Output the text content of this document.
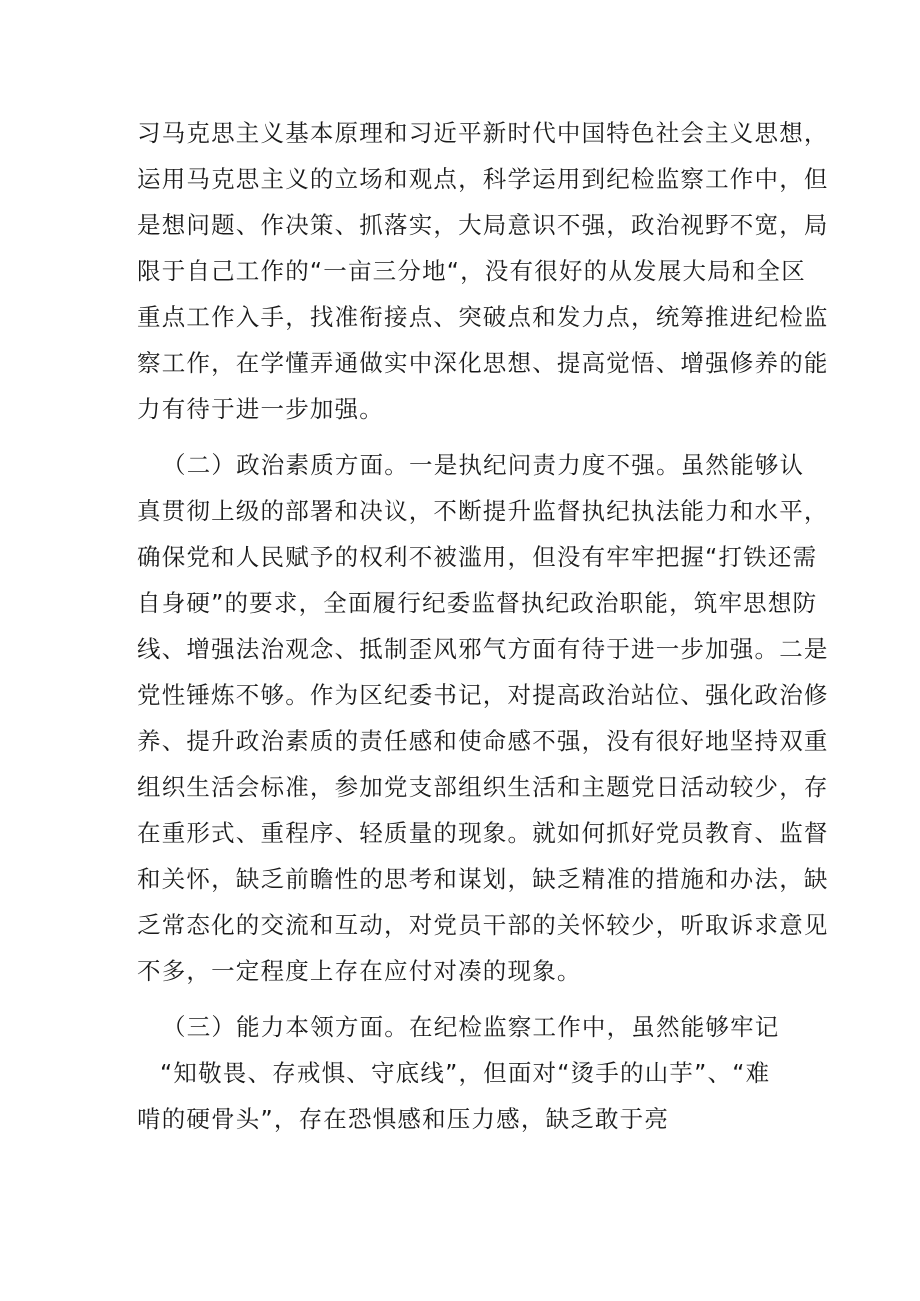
习马克思主义基本原理和习近平新时代中国特色社会主义思想，
运用马克思主义的立场和观点，科学运用到纪检监察工作中，但
是想问题、作决策、抓落实，大局意识不强，政治视野不宽，局
限于自己工作的“一亩三分地“，没有很好的从发展大局和全区
重点工作入手，找准衔接点、突破点和发力点，统筹推进纪检监
察工作，在学懂弄通做实中深化思想、提高觉悟、增强修养的能
力有待于进一步加强。
（二）政治素质方面。一是执纪问责力度不强。虽然能够认
真贯彻上级的部署和决议，不断提升监督执纪执法能力和水平，
确保党和人民赋予的权利不被滥用，但没有牢牢把握“打铁还需
自身硬”的要求，全面履行纪委监督执纪政治职能，筑牢思想防
线、增强法治观念、抵制歪风邪气方面有待于进一步加强。二是
党性锤炼不够。作为区纪委书记，对提高政治站位、强化政治修
养、提升政治素质的责任感和使命感不强，没有很好地坚持双重
组织生活会标准，参加党支部组织生活和主题党日活动较少，存
在重形式、重程序、轻质量的现象。就如何抓好党员教育、监督
和关怀，缺乏前瞻性的思考和谋划，缺乏精准的措施和办法，缺
乏常态化的交流和互动，对党员干部的关怀较少，听取诉求意见
不多，一定程度上存在应付对凑的现象。
（三）能力本领方面。在纪检监察工作中，虽然能够牢记
“知敬畏、存戒惧、守底线”，但面对“烫手的山芋”、“难
啃的硬骨头”，存在恐惧感和压力感，缺乏敢于亮
